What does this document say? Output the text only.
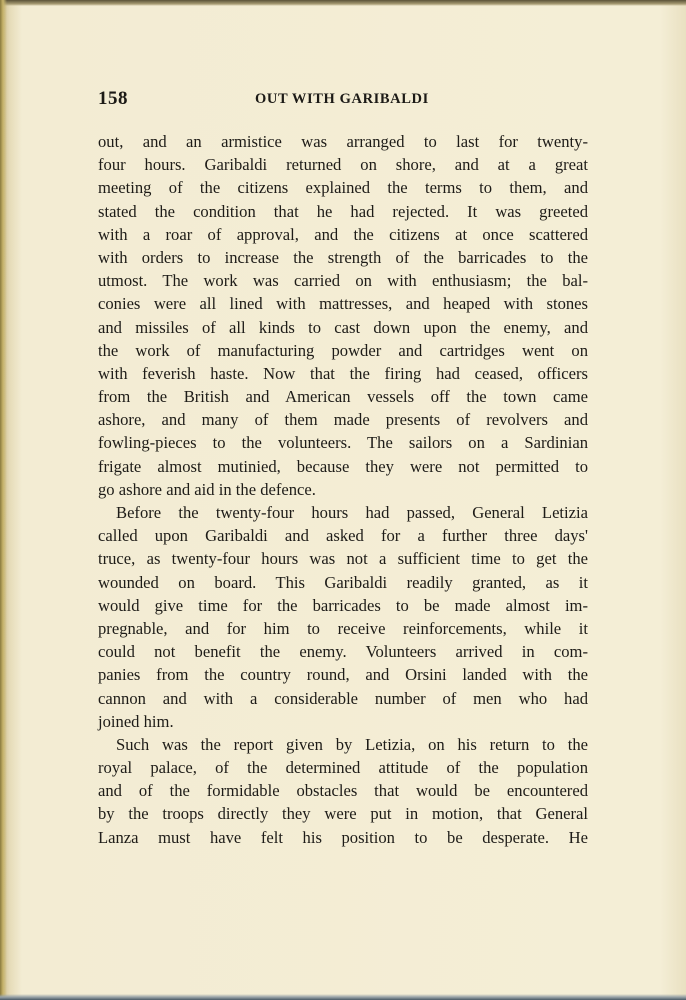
158	OUT WITH GARIBALDI
out, and an armistice was arranged to last for twenty-
four hours. Garibaldi returned on shore, and at a great
meeting of the citizens explained the terms to them, and
stated the condition that he had rejected. It was greeted
with a roar of approval, and the citizens at once scattered
with orders to increase the strength of the barricades to the
utmost. The work was carried on with enthusiasm; the bal-
conies were all lined with mattresses, and heaped with stones
and missiles of all kinds to cast down upon the enemy, and
the work of manufacturing powder and cartridges went on
with feverish haste. Now that the firing had ceased, officers
from the British and American vessels off the town came
ashore, and many of them made presents of revolvers and
fowling-pieces to the volunteers. The sailors on a Sardinian
frigate almost mutinied, because they were not permitted to
go ashore and aid in the defence.
Before the twenty-four hours had passed, General Letizia
called upon Garibaldi and asked for a further three days'
truce, as twenty-four hours was not a sufficient time to get the
wounded on board. This Garibaldi readily granted, as it
would give time for the barricades to be made almost im-
pregnable, and for him to receive reinforcements, while it
could not benefit the enemy. Volunteers arrived in com-
panies from the country round, and Orsini landed with the
cannon and with a considerable number of men who had
joined him.
Such was the report given by Letizia, on his return to the
royal palace, of the determined attitude of the population
and of the formidable obstacles that would be encountered
by the troops directly they were put in motion, that General
Lanza must have felt his position to be desperate. He
